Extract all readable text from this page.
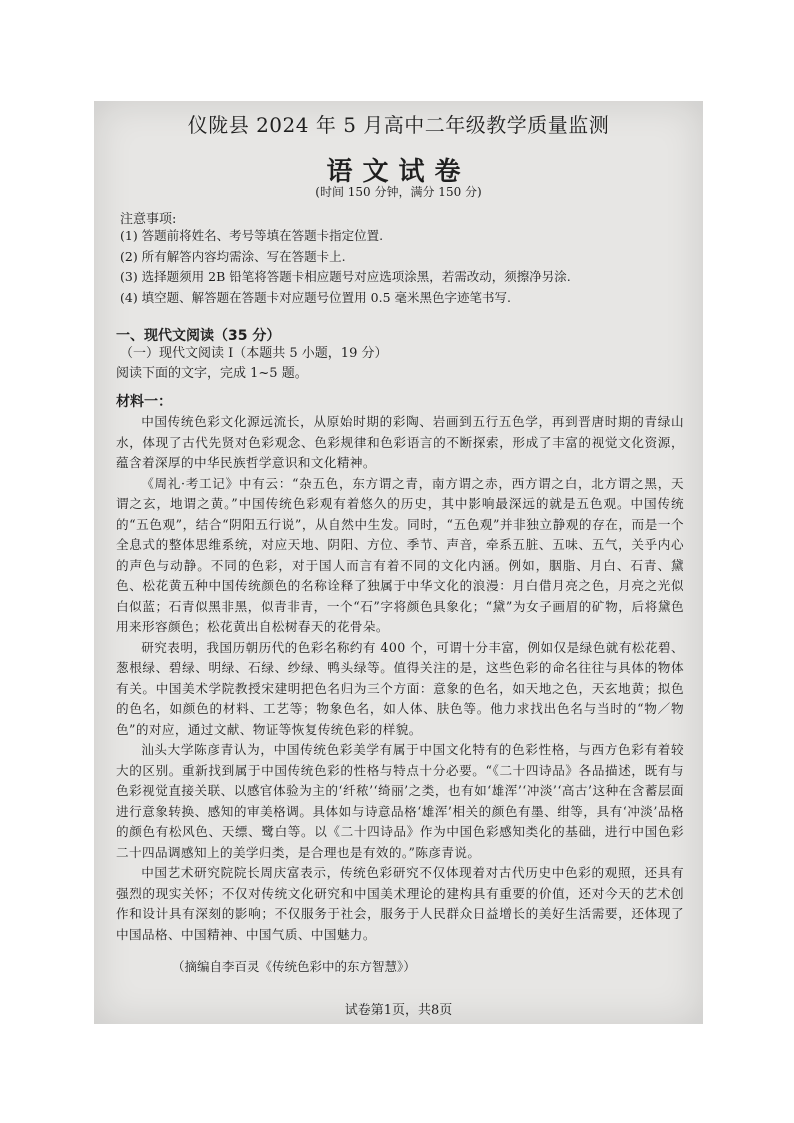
仪陇县 2024 年 5 月高中二年级教学质量监测
语文试卷
(时间 150 分钟，满分 150 分)
注意事项:
(1) 答题前将姓名、考号等填在答题卡指定位置.
(2) 所有解答内容均需涂、写在答题卡上.
(3) 选择题须用 2B 铅笔将答题卡相应题号对应选项涂黑，若需改动，须擦净另涂.
(4) 填空题、解答题在答题卡对应题号位置用 0.5 毫米黑色字迹笔书写.
一、现代文阅读（35 分）
（一）现代文阅读 I（本题共 5 小题，19 分）
阅读下面的文字，完成 1~5 题。
材料一：

中国传统色彩文化源远流长，从原始时期的彩陶、岩画到五行五色学，再到晋唐时期的青绿山水，体现了古代先贤对色彩观念、色彩规律和色彩语言的不断探索，形成了丰富的视觉文化资源，蕴含着深厚的中华民族哲学意识和文化精神。

《周礼·考工记》中有云：“杂五色，东方谓之青，南方谓之赤，西方谓之白，北方谓之黑，天谓之玄，地谓之黄。”中国传统色彩观有着悠久的历史，其中影响最深远的就是五色观。中国传统的“五色观”，结合“阴阳五行说”，从自然中生发。同时，“五色观”并非独立静观的存在，而是一个全息式的整体思维系统，对应天地、阴阳、方位、季节、声音，牵系五脏、五味、五气，关乎内心的声色与动静。不同的色彩，对于国人而言有着不同的文化内涵。例如，胭脂、月白、石青、黛色、松花黄五种中国传统颜色的名称诠释了独属于中华文化的浪漫：月白借月亮之色，月亮之光似白似蓝；石青似黑非黑，似青非青，一个“石”字将颜色具象化；“黛”为女子画眉的矿物，后将黛色用来形容颜色；松花黄出自松树春天的花骨朵。

研究表明，我国历朝历代的色彩名称约有 400 个，可谓十分丰富，例如仅是绿色就有松花碧、葱根绿、碧绿、明绿、石绿、纱绿、鸭头绿等。值得关注的是，这些色彩的命名往往与具体的物体有关。中国美术学院教授宋建明把色名归为三个方面：意象的色名，如天地之色，天玄地黄；拟色的色名，如颜色的材料、工艺等；物象色名，如人体、肤色等。他力求找出色名与当时的“物／物色”的对应，通过文献、物证等恢复传统色彩的样貌。

汕头大学陈彦青认为，中国传统色彩美学有属于中国文化特有的色彩性格，与西方色彩有着较大的区别。重新找到属于中国传统色彩的性格与特点十分必要。“《二十四诗品》各品描述，既有与色彩视觉直接关联、以感官体验为主的‘纤秾’‘绮丽’之类，也有如‘雄浑’‘冲淡’‘高古’这种在含蓄层面进行意象转换、感知的审美格调。具体如与诗意品格‘雄浑’相关的颜色有墨、绀等，具有‘冲淡’品格的颜色有松风色、天缥、鹭白等。以《二十四诗品》作为中国色彩感知类化的基础，进行中国色彩二十四品调感知上的美学归类，是合理也是有效的。”陈彦青说。

中国艺术研究院院长周庆富表示，传统色彩研究不仅体现着对古代历史中色彩的观照，还具有强烈的现实关怀；不仅对传统文化研究和中国美术理论的建构具有重要的价值，还对今天的艺术创作和设计具有深刻的影响；不仅服务于社会，服务于人民群众日益增长的美好生活需要，还体现了中国品格、中国精神、中国气质、中国魅力。

（摘编自李百灵《传统色彩中的东方智慧》）
试卷第1页，共8页
